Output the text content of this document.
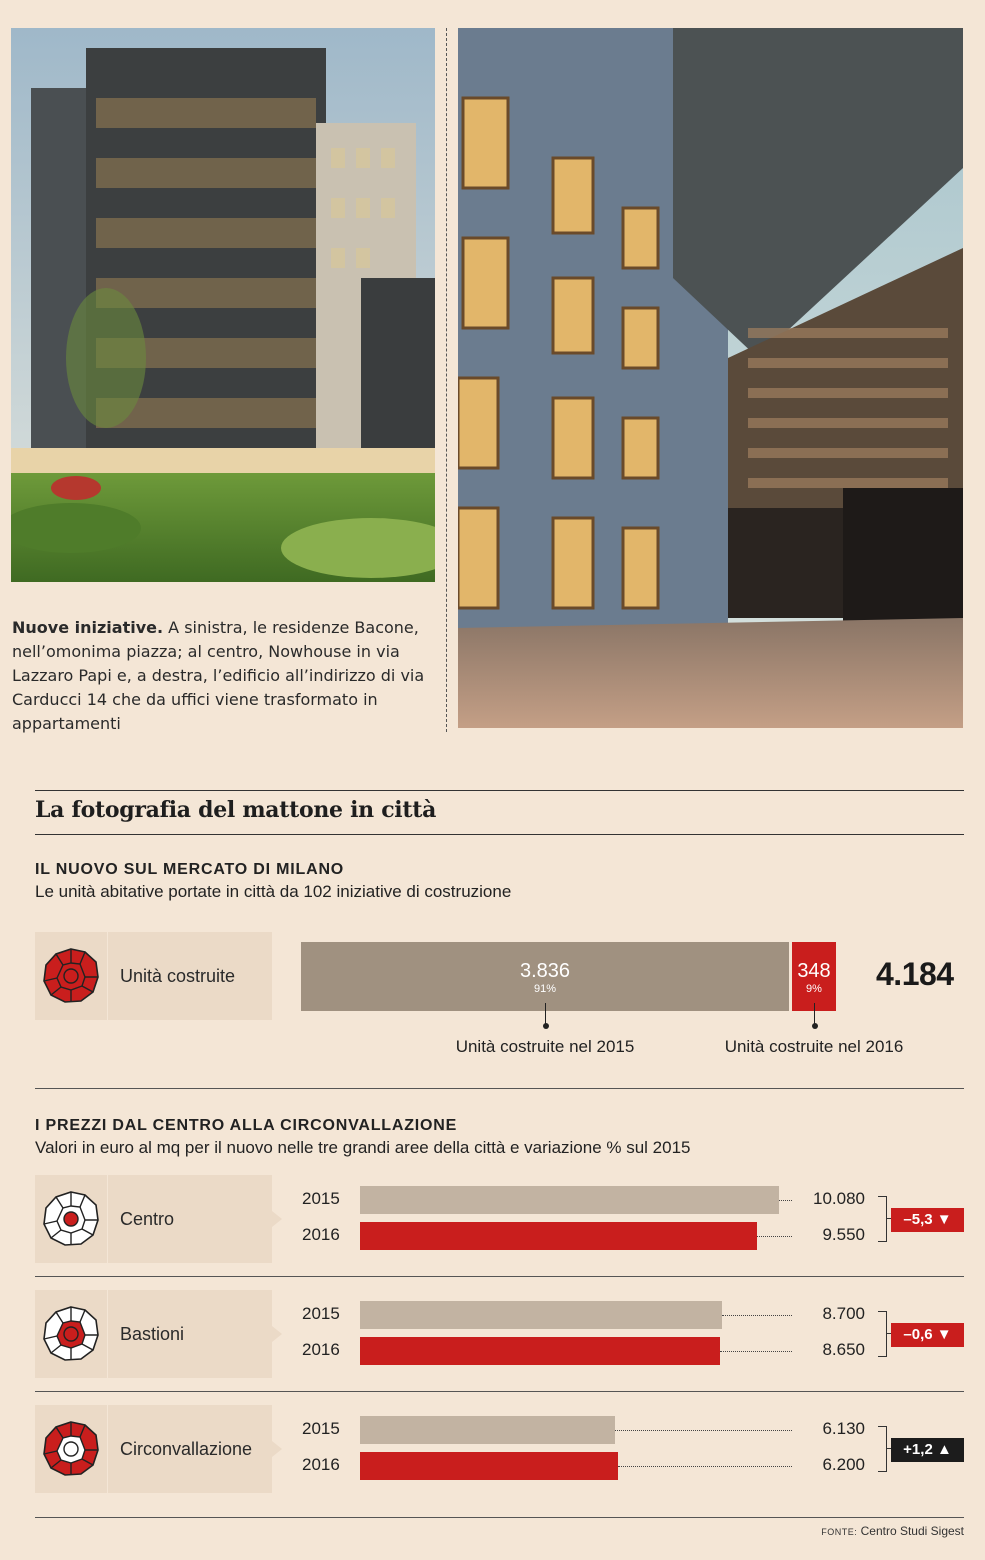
Nuove iniziative. A sinistra, le residenze Bacone, nell’omonima piazza; al centro, Nowhouse in via Lazzaro Papi e, a destra, l’edificio all’indirizzo di via Carducci 14 che da uffici viene trasformato in appartamenti
La fotografia del mattone in città
IL NUOVO SUL MERCATO DI MILANO
Le unità abitative portate in città da 102 iniziative di costruzione
Unità costruite	3.836
91%
348
9%	4.184
Unità costruite nel 2015	Unità costruite nel 2016
I PREZZI DAL CENTRO ALLA CIRCONVALLAZIONE
Valori in euro al mq per il nuovo nelle tre grandi aree della città e variazione % sul 2015
Centro
2015	10.080
2016	9.550
–5,3 ▼
Bastioni
2015	8.700
2016	8.650
–0,6 ▼
Circonvallazione
2015	6.130
2016	6.200
+1,2 ▲
FONTE: Centro Studi Sigest
